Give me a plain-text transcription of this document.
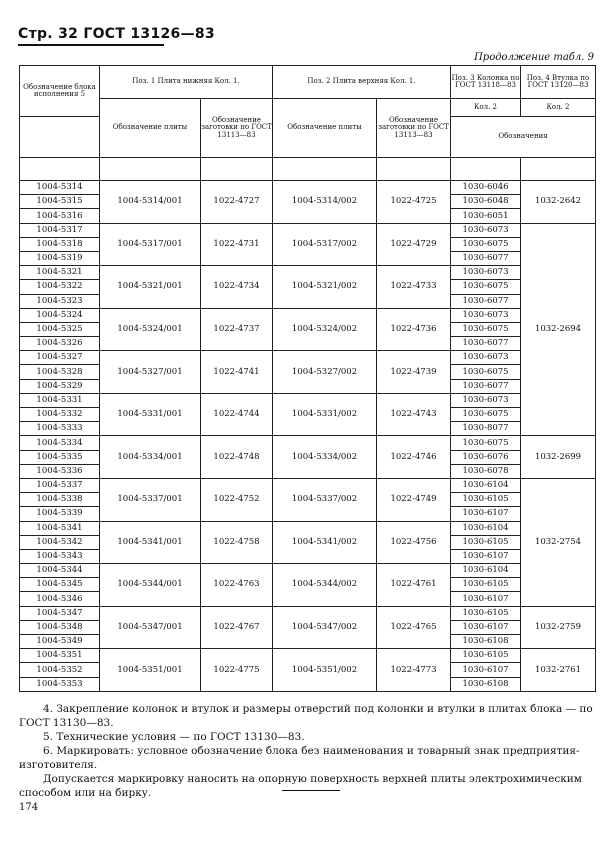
Стр. 32 ГОСТ 13126—83
Продолжение табл. 9
Обозначение блока исполнения 5	Поз. 1 Плита нижняя Кол. 1.		Поз. 2 Плита верхняя Кол. 1.		Поз. 3 Колонка по ГОСТ 13118—83	Поз. 4 Втулка по ГОСТ 13120—83
	Обозначение плиты	Обозначение заготовки по ГОСТ 13113—83	Обозначение плиты	Обозначение заготовки по ГОСТ 13113—83	Кол. 2	Кол. 2
					Обозначения	

1004-5314	1004-5314/001	1022-4727	1004-5314/002	1022-4725	1030-6046	1032-2642
1004-5315					1030-6048	
1004-5316					1030-6051	
1004-5317	1004-5317/001	1022-4731	1004-5317/002	1022-4729	1030-6073	1032-2694
1004-5318					1030-6075	
1004-5319					1030-6077	
1004-5321	1004-5321/001	1022-4734	1004-5321/002	1022-4733	1030-6073	
1004-5322					1030-6075	
1004-5323					1030-6077	
1004-5324	1004-5324/001	1022-4737	1004-5324/002	1022-4736	1030-6073	
1004-5325					1030-6075	
1004-5326					1030-6077	
1004-5327	1004-5327/001	1022-4741	1004-5327/002	1022-4739	1030-6073	
1004-5328					1030-6075	
1004-5329					1030-6077	
1004-5331	1004-5331/001	1022-4744	1004-5331/002	1022-4743	1030-6073	
1004-5332					1030-6075	
1004-5333					1030-8077	
1004-5334	1004-5334/001	1022-4748	1004-5334/002	1022-4746	1030-6075	1032-2699
1004-5335					1030-6076	
1004-5336					1030-6078	
1004-5337	1004-5337/001	1022-4752	1004-5337/002	1022-4749	1030-6104	1032-2754
1004-5338					1030-6105	
1004-5339					1030-6107	
1004-5341	1004-5341/001	1022-4758	1004-5341/002	1022-4756	1030-6104	
1004-5342					1030-6105	
1004-5343					1030-6107	
1004-5344	1004-5344/001	1022-4763	1004-5344/002	1022-4761	1030-6104	
1004-5345					1030-6105	
1004-5346					1030-6107	
1004-5347	1004-5347/001	1022-4767	1004-5347/002	1022-4765	1030-6105	1032-2759
1004-5348					1030-6107	
1004-5349					1030-6108	
1004-5351	1004-5351/001	1022-4775	1004-5351/002	1022-4773	1030-6105	1032-2761
1004-5352					1030-6107	
1004-5353					1030-6108	

4. Закрепление колонок и втулок и размеры отверстий под колонки и втулки в плитах блока — по ГОСТ 13130—83.

5. Технические условия — по ГОСТ 13130—83.

6. Маркировать: условное обозначение блока без наименования и товарный знак предприятия-изготовителя.

Допускается маркировку наносить на опорную поверхность верхней плиты электрохимическим способом или на бирку.

174
